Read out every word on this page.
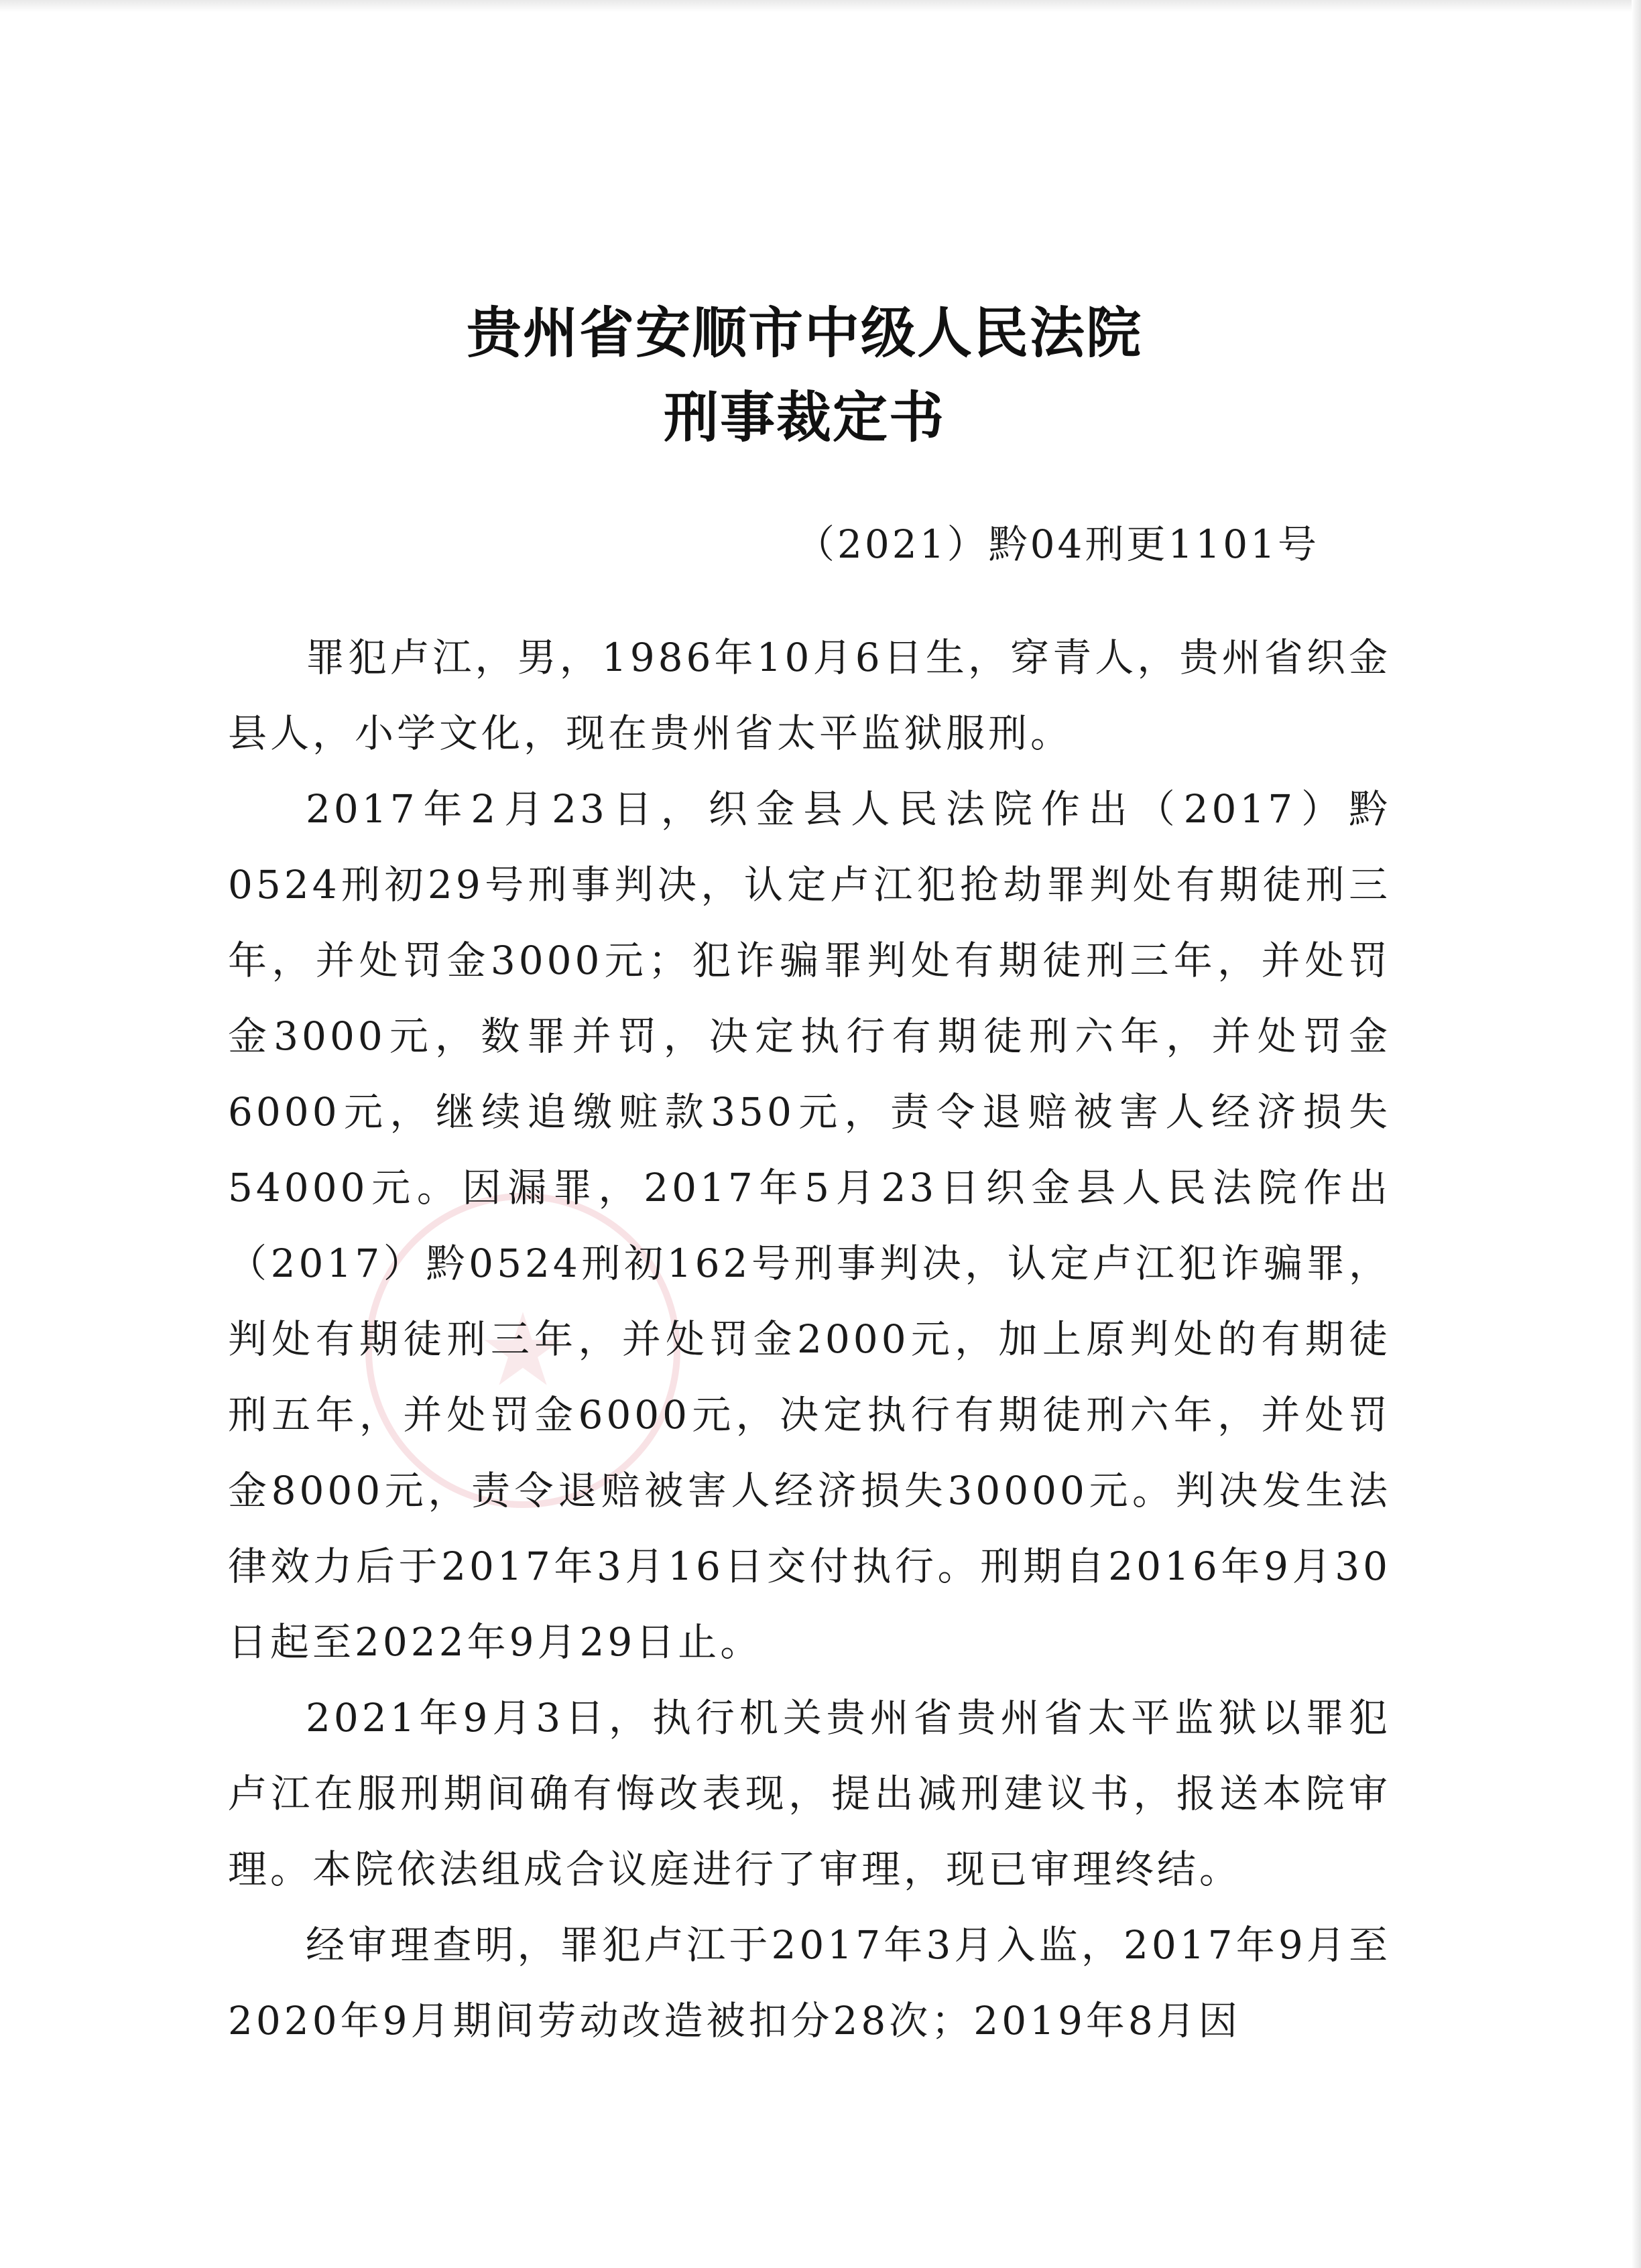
★
贵州省安顺市中级人民法院
刑事裁定书
（2021）黔04刑更1101号

罪犯卢江，男，1986年10月6日生，穿青人，贵州省织金县人，小学文化，现在贵州省太平监狱服刑。

2017年2月23日，织金县人民法院作出（2017）黔0524刑初29号刑事判决，认定卢江犯抢劫罪判处有期徒刑三年，并处罚金3000元；犯诈骗罪判处有期徒刑三年，并处罚金3000元，数罪并罚，决定执行有期徒刑六年，并处罚金6000元，继续追缴赃款350元，责令退赔被害人经济损失54000元。因漏罪，2017年5月23日织金县人民法院作出（2017）黔0524刑初162号刑事判决，认定卢江犯诈骗罪，判处有期徒刑三年，并处罚金2000元，加上原判处的有期徒刑五年，并处罚金6000元，决定执行有期徒刑六年，并处罚金8000元，责令退赔被害人经济损失30000元。判决发生法律效力后于2017年3月16日交付执行。刑期自2016年9月30日起至2022年9月29日止。

2021年9月3日，执行机关贵州省贵州省太平监狱以罪犯卢江在服刑期间确有悔改表现，提出减刑建议书，报送本院审理。本院依法组成合议庭进行了审理，现已审理终结。

经审理查明，罪犯卢江于2017年3月入监，2017年9月至2020年9月期间劳动改造被扣分28次；2019年8月因
